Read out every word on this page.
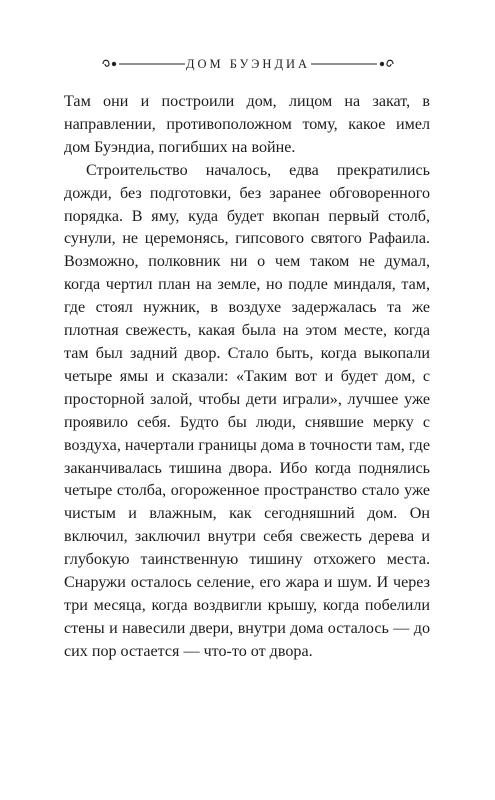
ДОМ БУЭНДИА

Там они и построили дом, лицом на закат, в направлении, противоположном тому, какое имел дом Буэндиа, погибших на войне.

Строительство началось, едва прекратились дожди, без подготовки, без заранее обговоренного порядка. В яму, куда будет вкопан первый столб, сунули, не церемонясь, гипсового святого Рафаила. Возможно, полковник ни о чем таком не думал, когда чертил план на земле, но подле миндаля, там, где стоял нужник, в воздухе задержалась та же плотная свежесть, какая была на этом месте, когда там был задний двор. Стало быть, когда выкопали четыре ямы и сказали: «Таким вот и будет дом, с просторной залой, чтобы дети играли», лучшее уже проявило себя. Будто бы люди, снявшие мерку с воздуха, начертали границы дома в точности там, где заканчивалась тишина двора. Ибо когда поднялись четыре столба, огороженное пространство стало уже чистым и влажным, как сегодняшний дом. Он включил, заключил внутри себя свежесть дерева и глубокую таинственную тишину отхожего места. Снаружи осталось селение, его жара и шум. И через три месяца, когда воздвигли крышу, когда побелили стены и навесили двери, внутри дома осталось — до сих пор остается — что-то от двора.
